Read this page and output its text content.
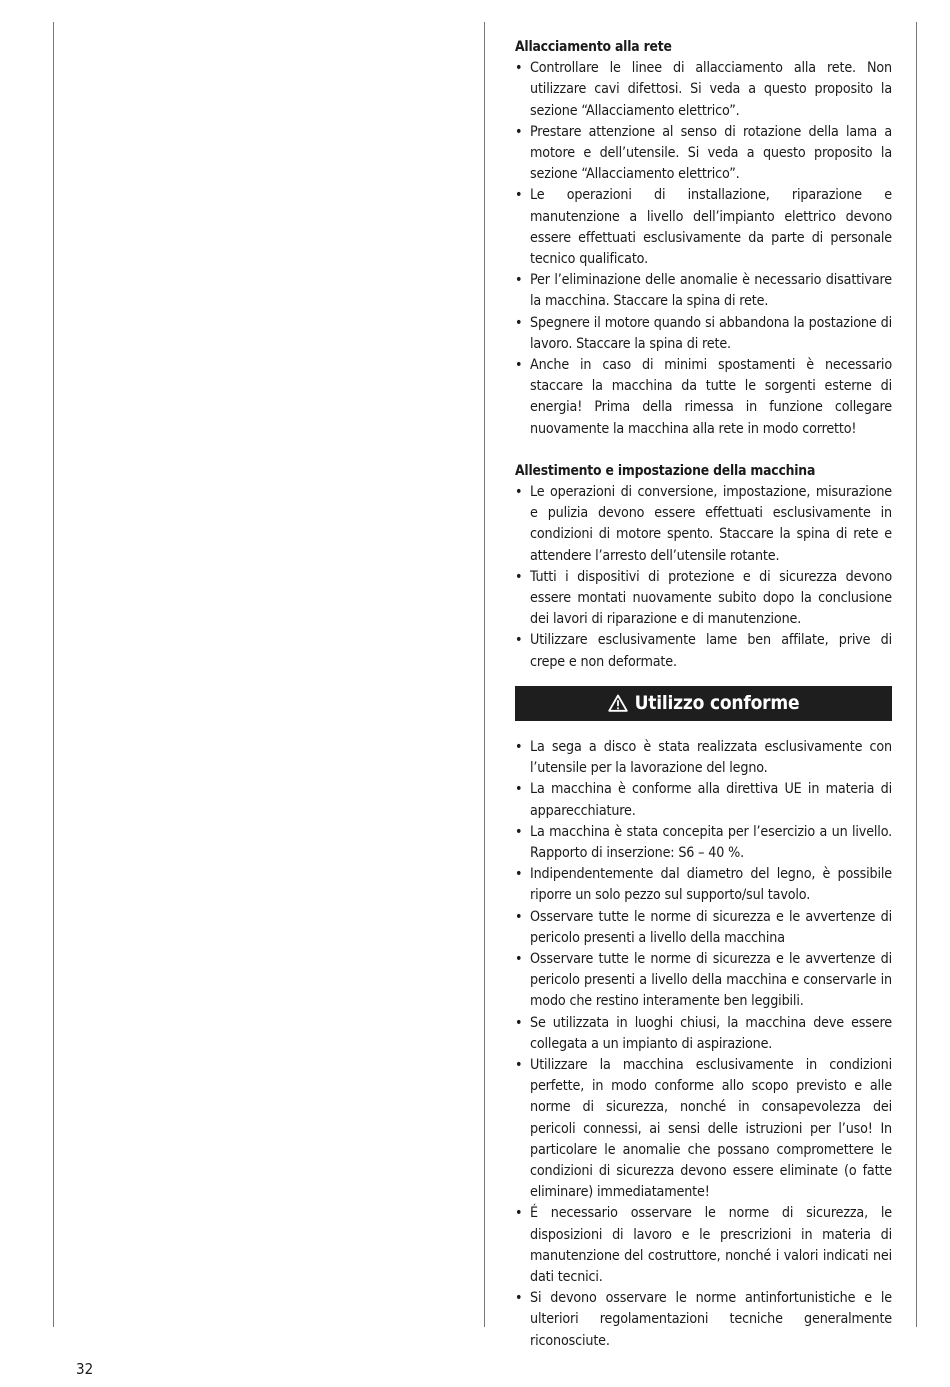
Allacciamento alla rete

• Controllare le linee di allacciamento alla rete. Non utilizzare cavi difettosi. Si veda a questo proposito la sezione “Allacciamento elettrico”.
• Prestare attenzione al senso di rotazione della lama a motore e dell’utensile. Si veda a questo proposito la sezione “Allacciamento elettrico”.
• Le operazioni di installazione, riparazione e manutenzione a livello dell’impianto elettrico devono essere effettuati esclusivamente da parte di personale tecnico qualificato.
• Per l’eliminazione delle anomalie è necessario disattivare la macchina. Staccare la spina di rete.
• Spegnere il motore quando si abbandona la postazione di lavoro. Staccare la spina di rete.
• Anche in caso di minimi spostamenti è necessario staccare la macchina da tutte le sorgenti esterne di energia! Prima della rimessa in funzione collegare nuovamente la macchina alla rete in modo corretto!

Allestimento e impostazione della macchina

• Le operazioni di conversione, impostazione, misurazione e pulizia devono essere effettuati esclusivamente in condizioni di motore spento. Staccare la spina di rete e attendere l’arresto dell’utensile rotante.
• Tutti i dispositivi di protezione e di sicurezza devono essere montati nuovamente subito dopo la conclusione dei lavori di riparazione e di manutenzione.
• Utilizzare esclusivamente lame ben affilate, prive di crepe e non deformate.
Utilizzo conforme
• La sega a disco è stata realizzata esclusivamente con l’utensile per la lavorazione del legno.
• La macchina è conforme alla direttiva UE in materia di apparecchiature.
• La macchina è stata concepita per l’esercizio a un livello. Rapporto di inserzione: S6 – 40 %.
• Indipendentemente dal diametro del legno, è possibile riporre un solo pezzo sul supporto/sul tavolo.
• Osservare tutte le norme di sicurezza e le avvertenze di pericolo presenti a livello della macchina
• Osservare tutte le norme di sicurezza e le avvertenze di pericolo presenti a livello della macchina e conservarle in modo che restino interamente ben leggibili.
• Se utilizzata in luoghi chiusi, la macchina deve essere collegata a un impianto di aspirazione.
• Utilizzare la macchina esclusivamente in condizioni perfette, in modo conforme allo scopo previsto e alle norme di sicurezza, nonché in consapevolezza dei pericoli connessi, ai sensi delle istruzioni per l’uso! In particolare le anomalie che possano compromettere le condizioni di sicurezza devono essere eliminate (o fatte eliminare) immediatamente!
• É necessario osservare le norme di sicurezza, le disposizioni di lavoro e le prescrizioni in materia di manutenzione del costruttore, nonché i valori indicati nei dati tecnici.
• Si devono osservare le norme antinfortunistiche e le ulteriori regolamentazioni tecniche generalmente riconosciute.
32
